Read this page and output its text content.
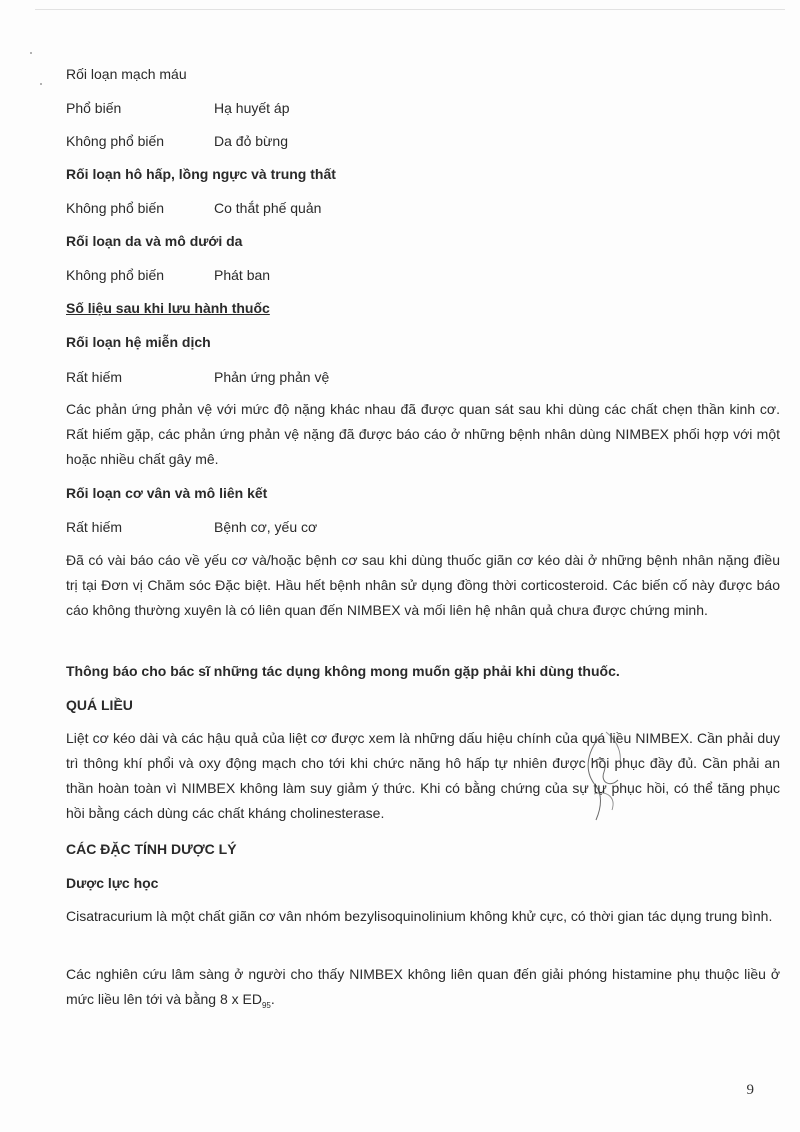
Rối loạn mạch máu
Phổ biến	Hạ huyết áp
Không phổ biến	Da đỏ bừng
Rối loạn hô hấp, lồng ngực và trung thất
Không phổ biến	Co thắt phế quản
Rối loạn da và mô dưới da
Không phổ biến	Phát ban
Số liệu sau khi lưu hành thuốc
Rối loạn hệ miễn dịch
Rất hiếm	Phản ứng phản vệ
Các phản ứng phản vệ với mức độ nặng khác nhau đã được quan sát sau khi dùng các chất chẹn thần kinh cơ. Rất hiếm gặp, các phản ứng phản vệ nặng đã được báo cáo ở những bệnh nhân dùng NIMBEX phối hợp với một hoặc nhiều chất gây mê.
Rối loạn cơ vân và mô liên kết
Rất hiếm	Bệnh cơ, yếu cơ
Đã có vài báo cáo về yếu cơ và/hoặc bệnh cơ sau khi dùng thuốc giãn cơ kéo dài ở những bệnh nhân nặng điều trị tại Đơn vị Chăm sóc Đặc biệt. Hầu hết bệnh nhân sử dụng đồng thời corticosteroid. Các biến cố này được báo cáo không thường xuyên là có liên quan đến NIMBEX và mối liên hệ nhân quả chưa được chứng minh.
Thông báo cho bác sĩ những tác dụng không mong muốn gặp phải khi dùng thuốc.
QUÁ LIỀU
Liệt cơ kéo dài và các hậu quả của liệt cơ được xem là những dấu hiệu chính của quá liều NIMBEX. Cần phải duy trì thông khí phổi và oxy động mạch cho tới khi chức năng hô hấp tự nhiên được hồi phục đầy đủ. Cần phải an thần hoàn toàn vì NIMBEX không làm suy giảm ý thức. Khi có bằng chứng của sự tự phục hồi, có thể tăng phục hồi bằng cách dùng các chất kháng cholinesterase.
CÁC ĐẶC TÍNH DƯỢC LÝ
Dược lực học
Cisatracurium là một chất giãn cơ vân nhóm bezylisoquinolinium không khử cực, có thời gian tác dụng trung bình.
Các nghiên cứu lâm sàng ở người cho thấy NIMBEX không liên quan đến giải phóng histamine phụ thuộc liều ở mức liều lên tới và bằng 8 x $ED_{95}$.
9
